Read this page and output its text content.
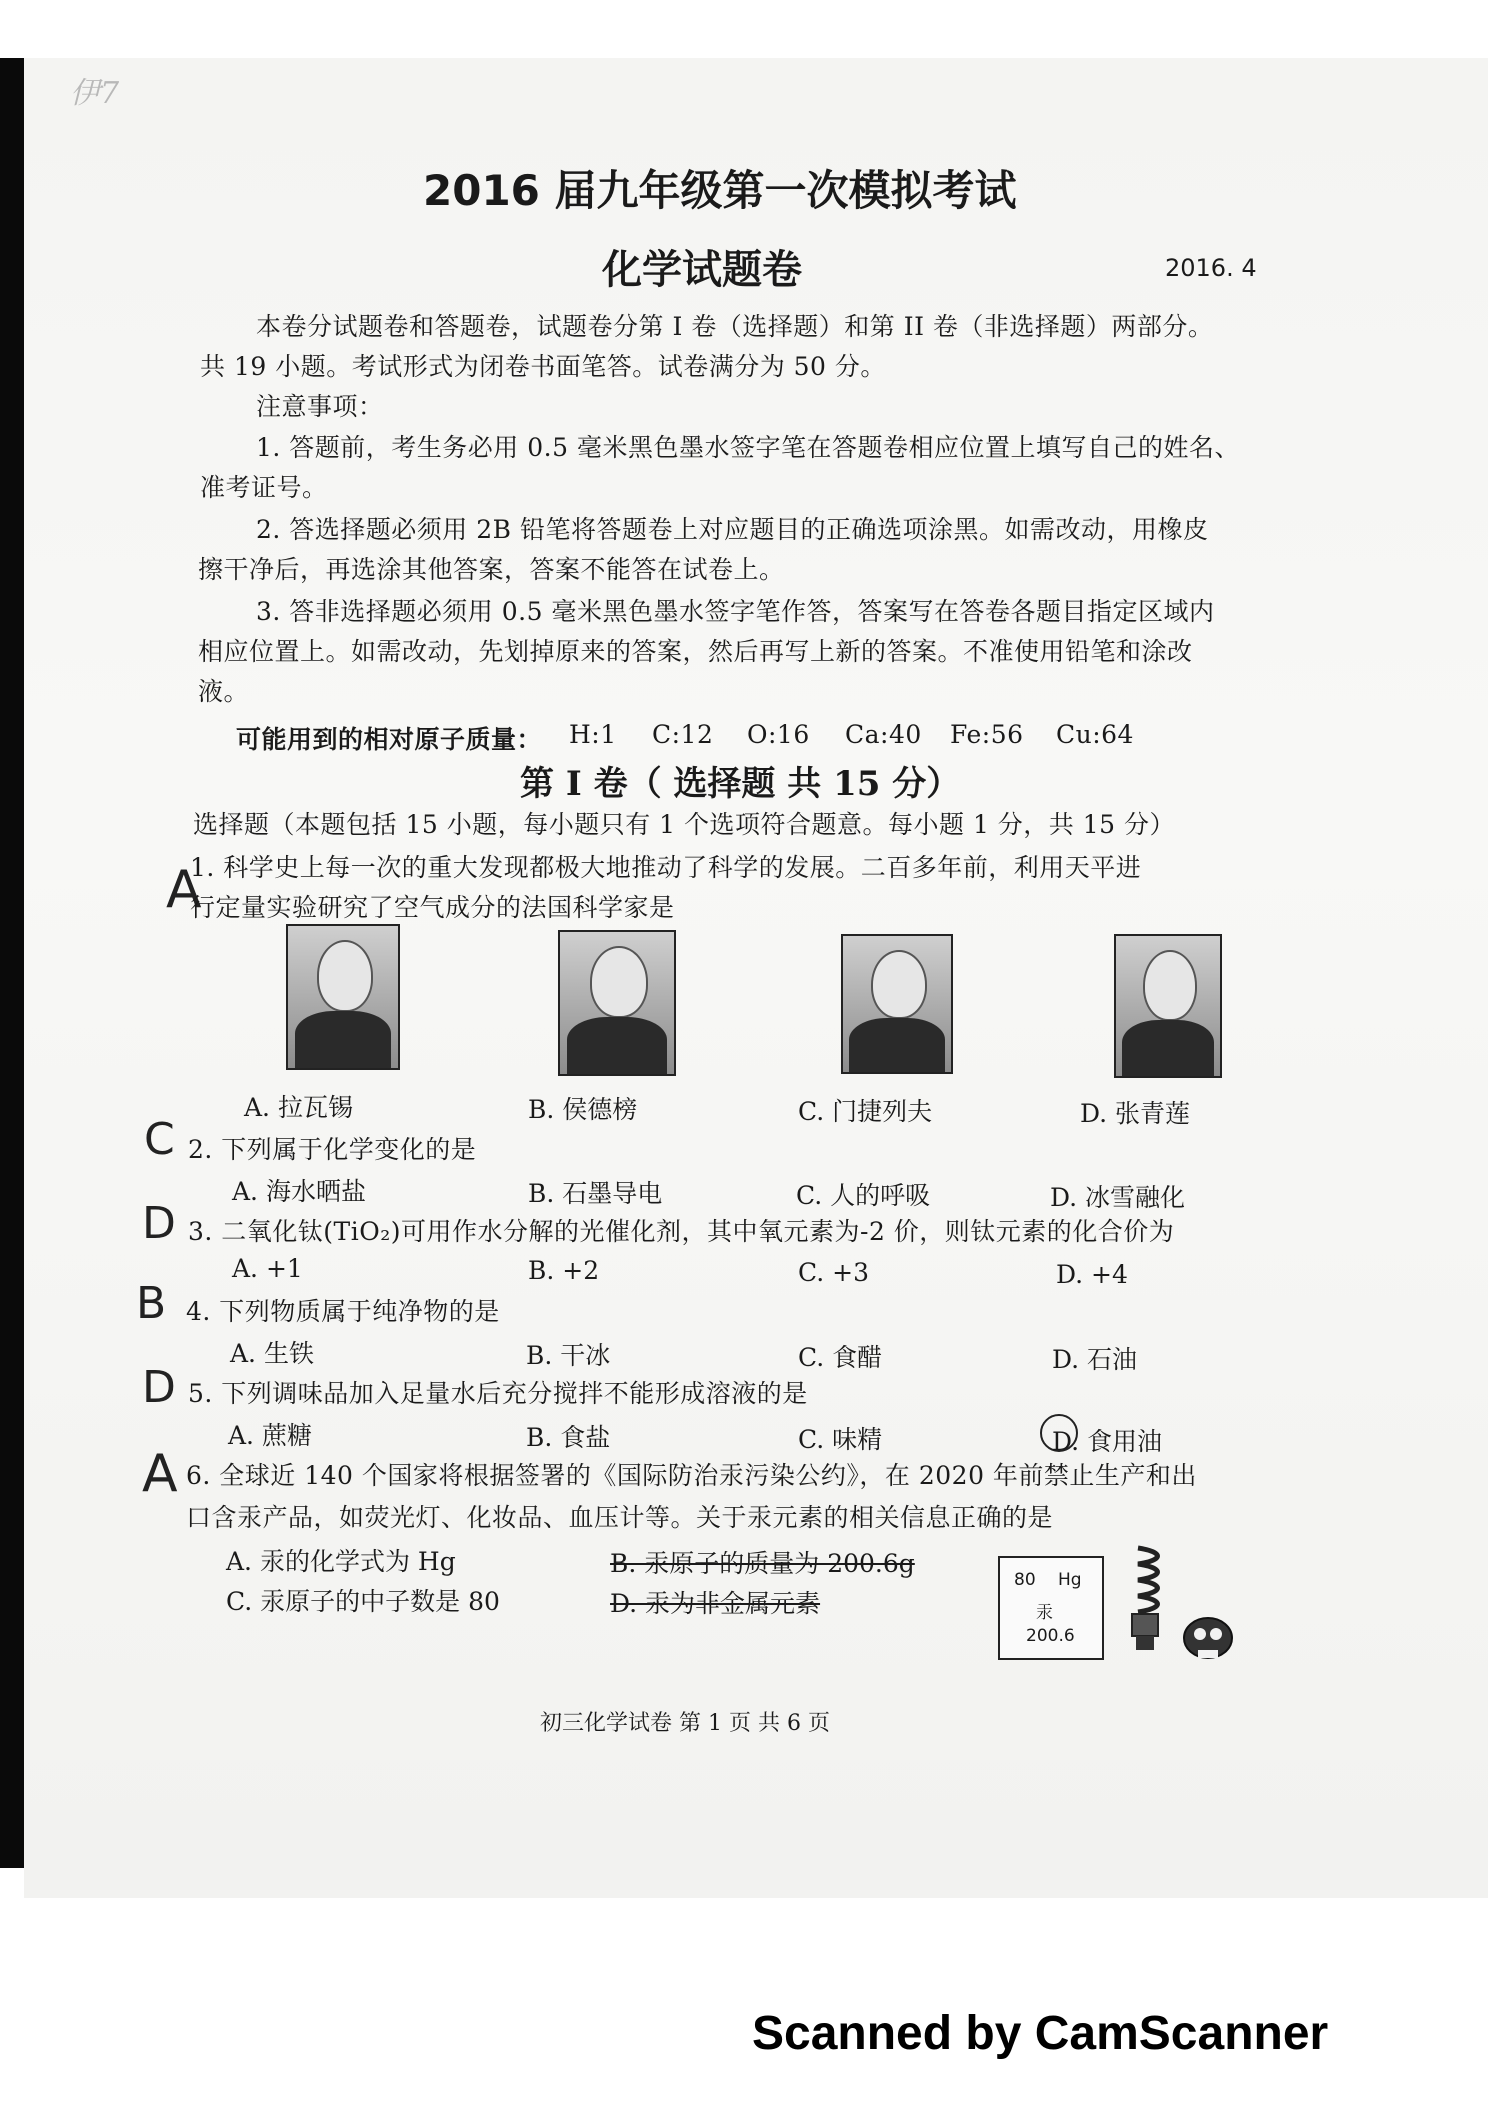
伊7
2016 届九年级第一次模拟考试
化学试题卷	2016. 4
本卷分试题卷和答题卷，试题卷分第 I 卷（选择题）和第 II 卷（非选择题）两部分。
共 19 小题。考试形式为闭卷书面笔答。试卷满分为 50 分。
注意事项：
1. 答题前，考生务必用 0.5 毫米黑色墨水签字笔在答题卷相应位置上填写自己的姓名、
准考证号。
2. 答选择题必须用 2B 铅笔将答题卷上对应题目的正确选项涂黑。如需改动，用橡皮
擦干净后，再选涂其他答案，答案不能答在试卷上。
3. 答非选择题必须用 0.5 毫米黑色墨水签字笔作答，答案写在答卷各题目指定区域内
相应位置上。如需改动，先划掉原来的答案，然后再写上新的答案。不准使用铅笔和涂改
液。
可能用到的相对原子质量： H:1 C:12 O:16 Ca:40 Fe:56 Cu:64
第 I 卷（ 选择题 共 15 分）
选择题（本题包括 15 小题，每小题只有 1 个选项符合题意。每小题 1 分，共 15 分）
A
1. 科学史上每一次的重大发现都极大地推动了科学的发展。二百多年前，利用天平进
行定量实验研究了空气成分的法国科学家是
A. 拉瓦锡	B. 侯德榜	C. 门捷列夫	D. 张青莲
C 2. 下列属于化学变化的是
A. 海水晒盐	B. 石墨导电	C. 人的呼吸	D. 冰雪融化
D 3. 二氧化钛(TiO₂)可用作水分解的光催化剂，其中氧元素为-2 价，则钛元素的化合价为
A. +1	B. +2	C. +3	D. +4
B 4. 下列物质属于纯净物的是
A. 生铁	B. 干冰	C. 食醋	D. 石油
D 5. 下列调味品加入足量水后充分搅拌不能形成溶液的是
A. 蔗糖	B. 食盐	C. 味精	D. 食用油
A 6. 全球近 140 个国家将根据签署的《国际防治汞污染公约》，在 2020 年前禁止生产和出
口含汞产品，如荧光灯、化妆品、血压计等。关于汞元素的相关信息正确的是
A. 汞的化学式为 Hg	B. 汞原子的质量为 200.6g
C. 汞原子的中子数是 80	D. 汞为非金属元素
80 Hg
汞
200.6
初三化学试卷 第 1 页 共 6 页
Scanned by CamScanner
